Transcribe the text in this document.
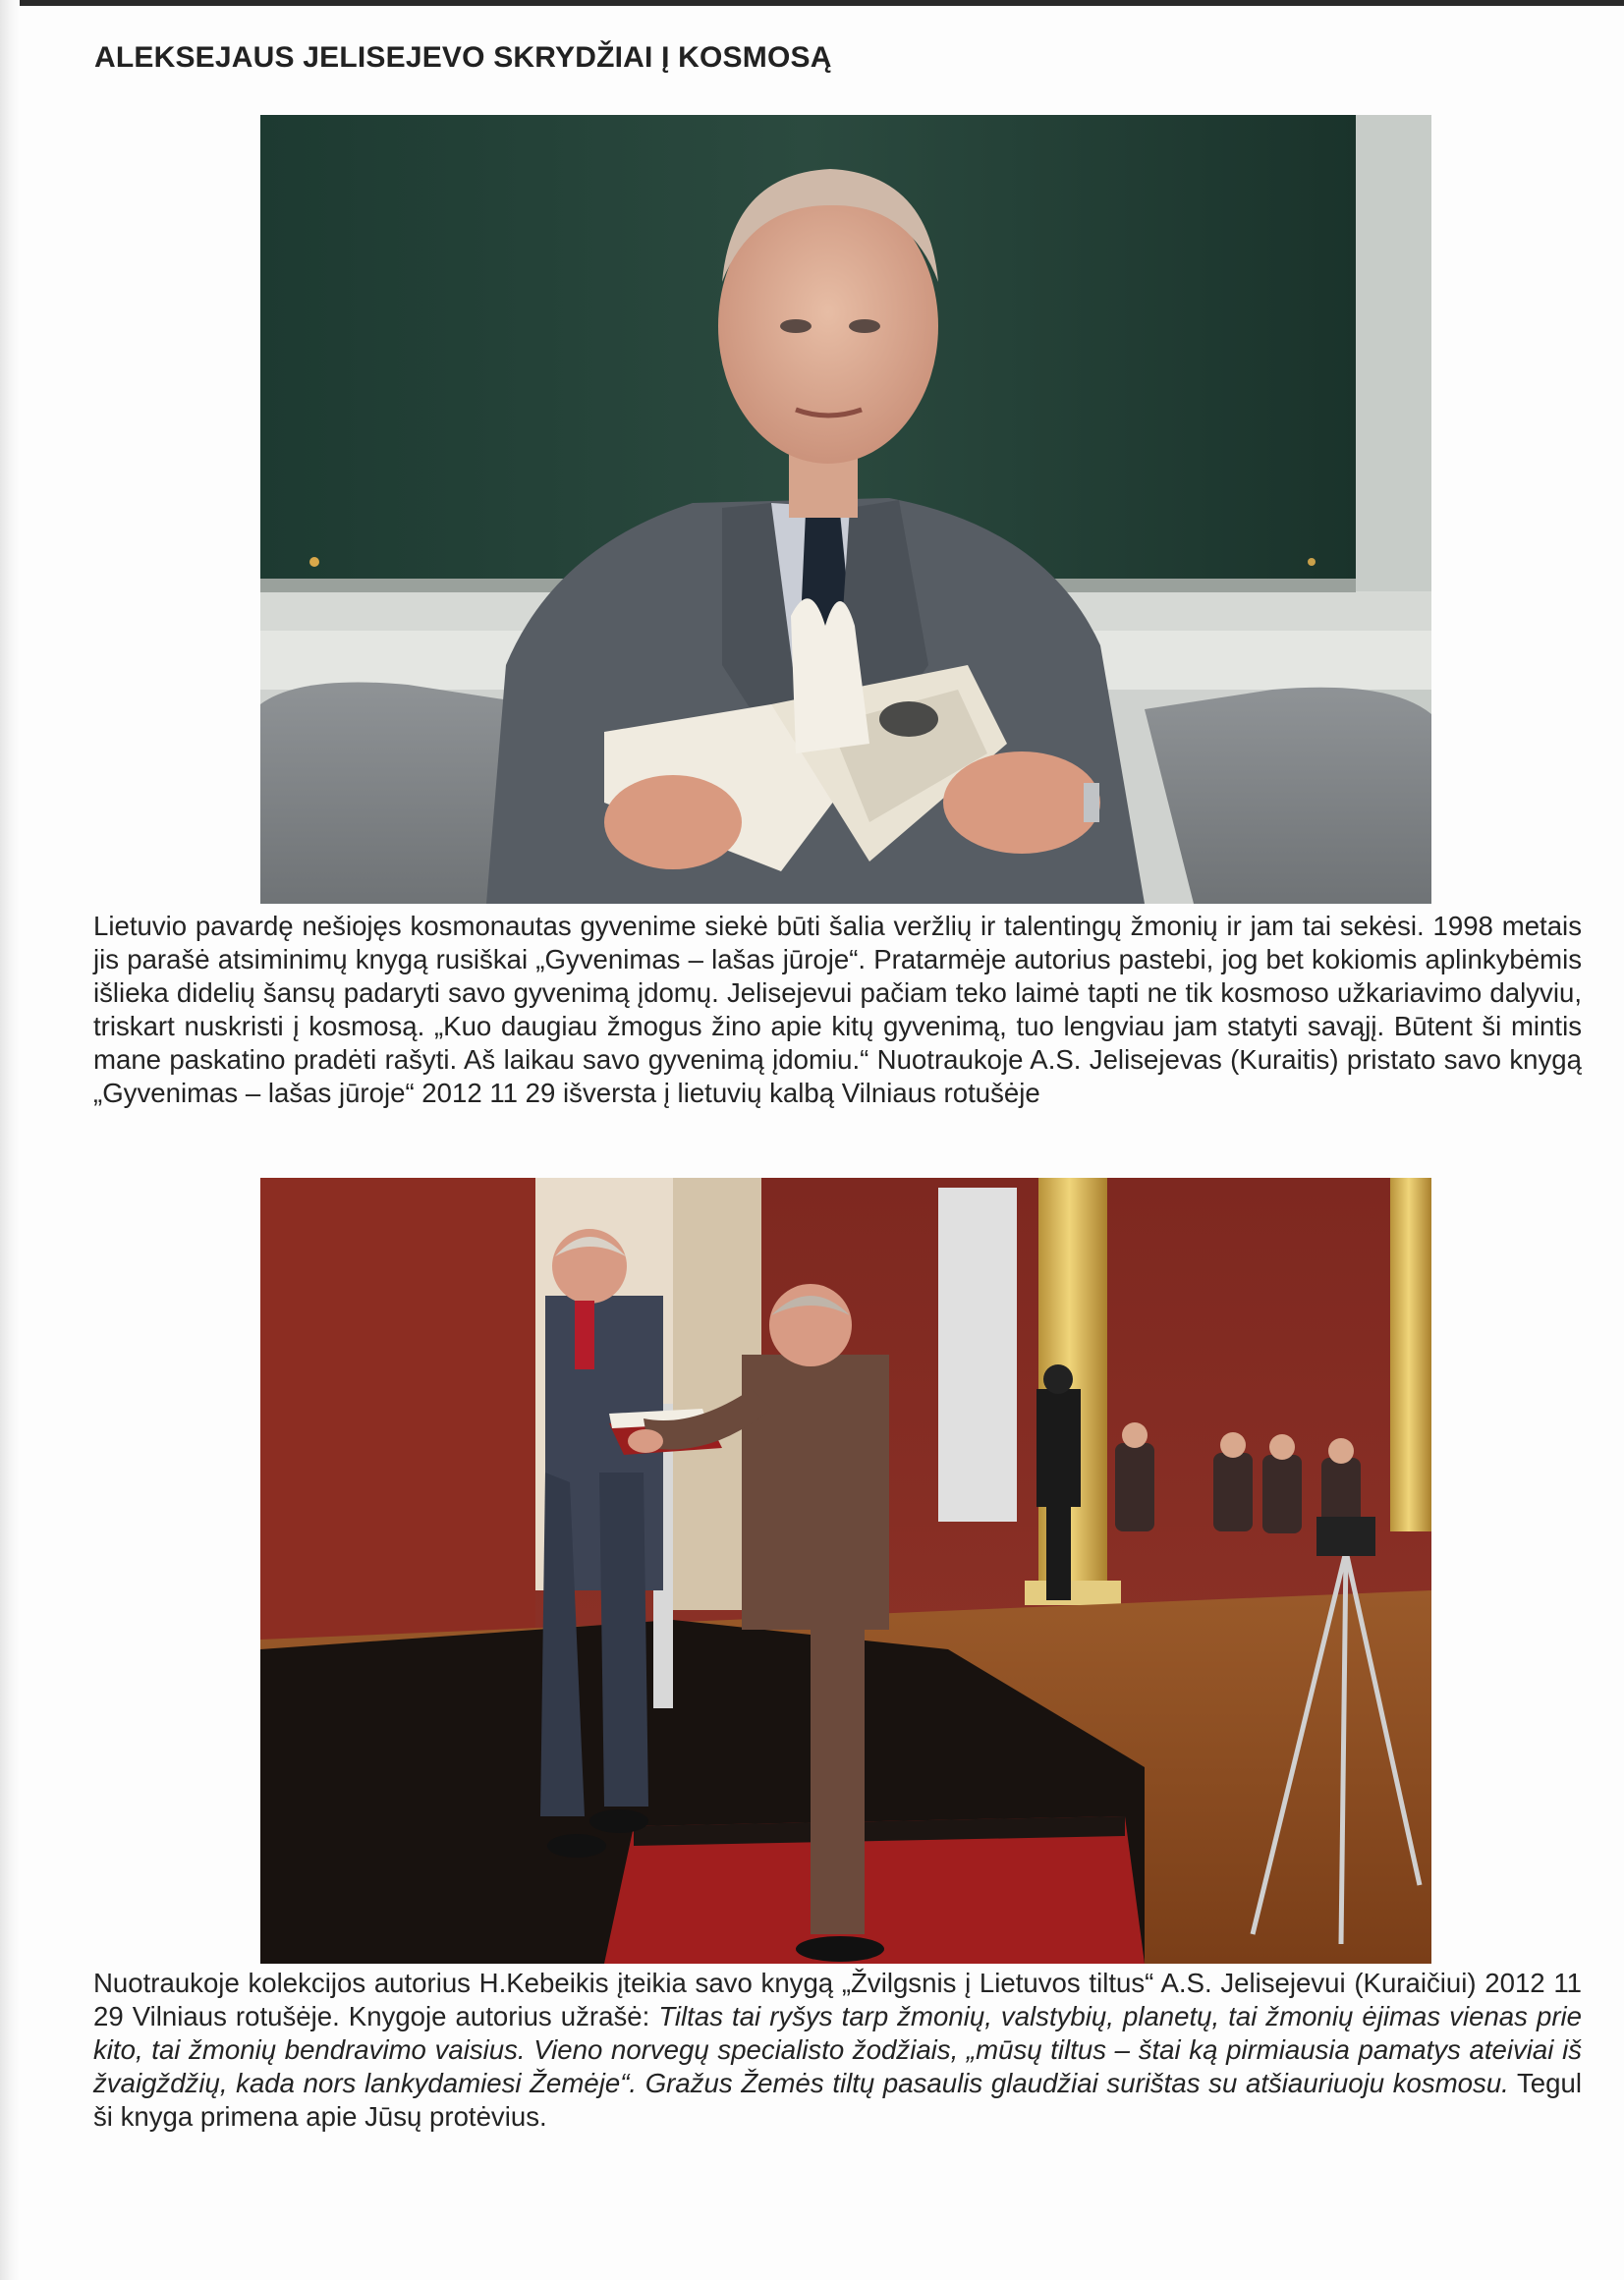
ALEKSEJAUS JELISEJEVO SKRYDŽIAI Į KOSMOSĄ
Lietuvio pavardę nešiojęs kosmonautas gyvenime siekė būti šalia veržlių ir talentingų žmonių ir jam tai sekėsi. 1998 metais jis parašė atsiminimų knygą rusiškai „Gyvenimas – lašas jūroje“. Pratarmėje autorius pastebi, jog bet kokiomis aplinkybėmis išlieka didelių šansų padaryti savo gyvenimą įdomų. Jelisejevui pačiam teko laimė tapti ne tik kosmoso užkariavimo dalyviu, triskart nuskristi į kosmosą. „Kuo daugiau žmogus žino apie kitų gyvenimą, tuo lengviau jam statyti savąjį. Būtent ši mintis mane paskatino pradėti rašyti. Aš laikau savo gyvenimą įdomiu.“ Nuotraukoje A.S. Jelisejevas (Kuraitis) pristato savo knygą „Gyvenimas – lašas jūroje“ 2012 11 29 išversta į lietuvių kalbą Vilniaus rotušėje
Nuotraukoje kolekcijos autorius H.Kebeikis įteikia savo knygą „Žvilgsnis į Lietuvos tiltus“ A.S. Jelisejevui (Kuraičiui) 2012 11 29 Vilniaus rotušėje. Knygoje autorius užrašė: Tiltas tai ryšys tarp žmonių, valstybių, planetų, tai žmonių ėjimas vienas prie kito, tai žmonių bendravimo vaisius. Vieno norvegų specialisto žodžiais, „mūsų tiltus – štai ką pirmiausia pamatys ateiviai iš žvaigždžių, kada nors lankydamiesi Žemėje“. Gražus Žemės tiltų pasaulis glaudžiai surištas su atšiauriuoju kosmosu. Tegul ši knyga primena apie Jūsų protėvius.
